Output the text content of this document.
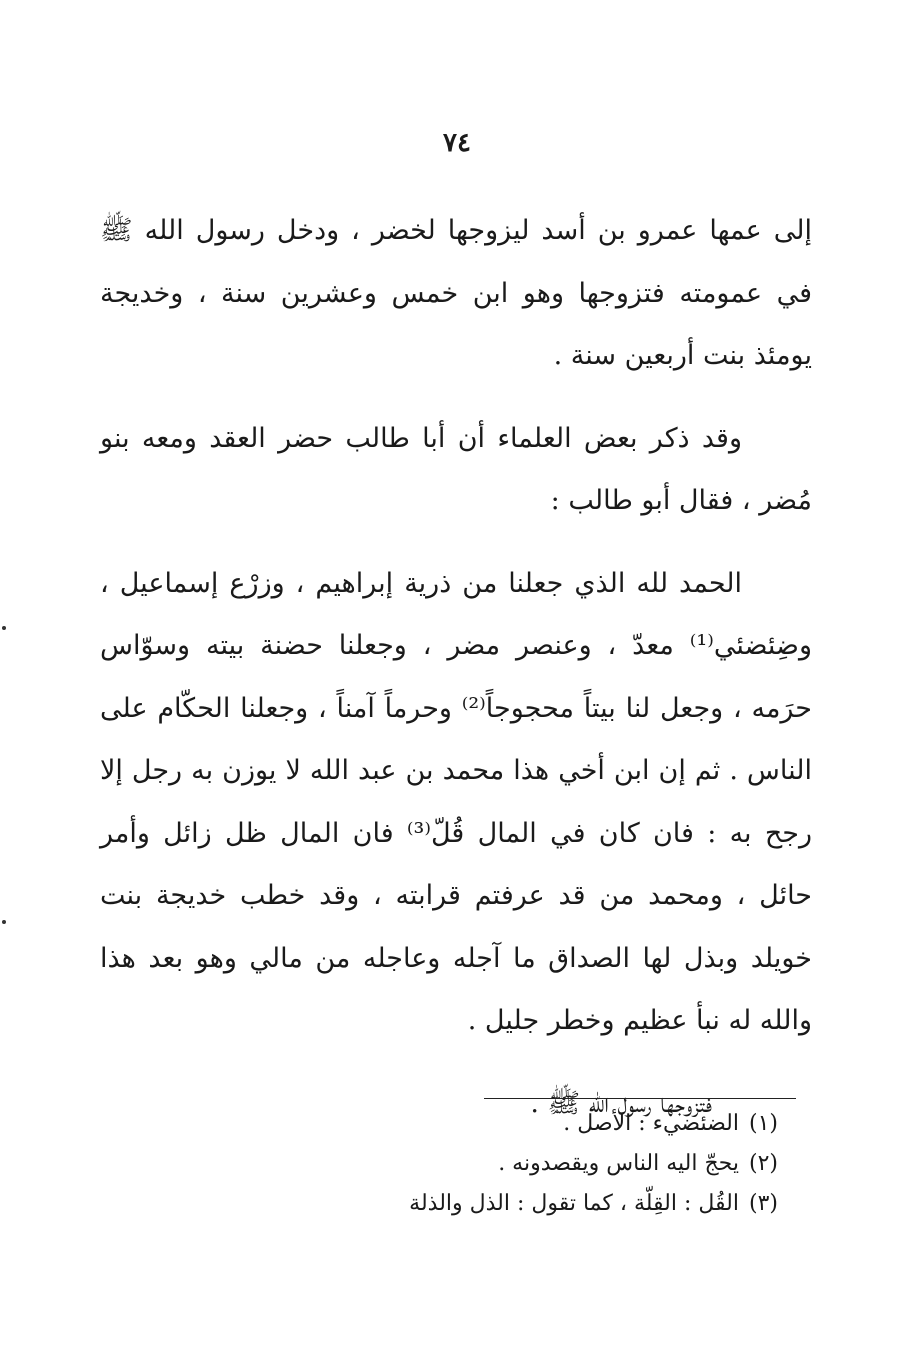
٧٤

إلى عمها عمرو بن أسد ليزوجها لخضر ، ودخل رسول الله ﷺ في عمومته فتزوجها وهو ابن خمس وعشرين سنة ، وخديجة يومئذ بنت أربعين سنة .

وقد ذكر بعض العلماء أن أبا طالب حضر العقد ومعه بنو مُضر ، فقال أبو طالب :

الحمد لله الذي جعلنا من ذرية إبراهيم ، وزرْع إسماعيل ، وضِئضئي⁽¹⁾ معدّ ، وعنصر مضر ، وجعلنا حضنة بيته وسوّاس حرَمه ، وجعل لنا بيتاً محجوجاً⁽²⁾ وحرماً آمناً ، وجعلنا الحكّام على الناس . ثم إن ابن أخي هذا محمد بن عبد الله لا يوزن به رجل إلا رجح به : فان كان في المال قُلّ⁽³⁾ فان المال ظل زائل وأمر حائل ، ومحمد من قد عرفتم قرابته ، وقد خطب خديجة بنت خويلد وبذل لها الصداق ما آجله وعاجله من مالي وهو بعد هذا والله له نبأ عظيم وخطر جليل .

فتزوجها رسول الله ﷺ .

(١)الضئضيء : الأصل .

(٢)يحجّ اليه الناس ويقصدونه .

(٣)القُل : القِلّة ، كما تقول : الذل والذلة
